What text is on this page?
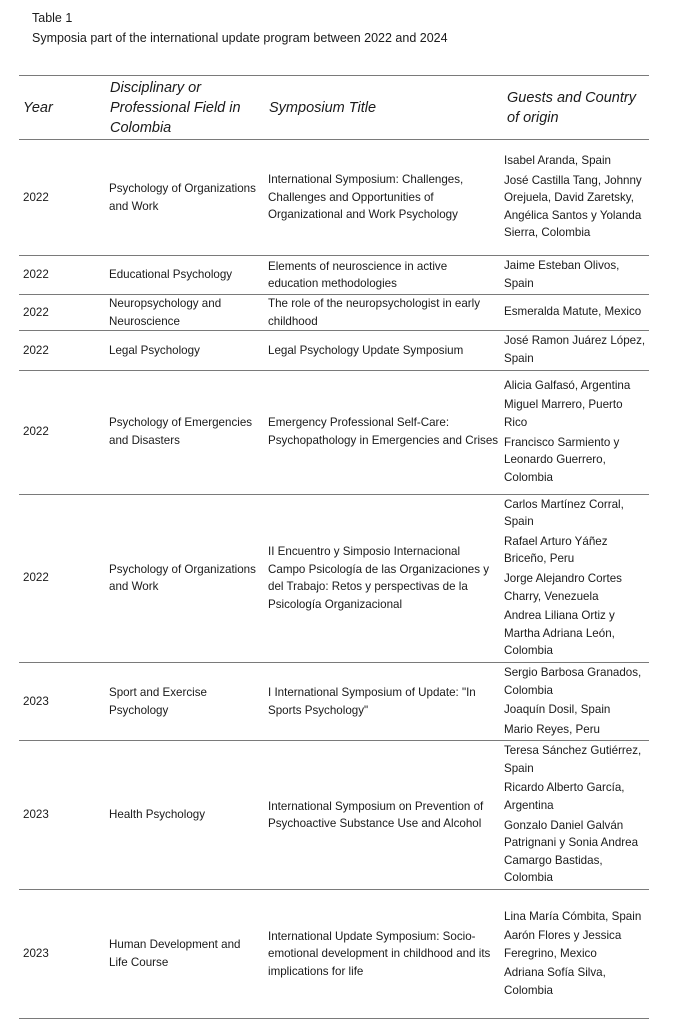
Table 1
Symposia part of the international update program between 2022 and 2024
Year	Disciplinary or Professional Field in Colombia	Symposium Title	Guests and Country of origin
2022	Psychology of Organizations and Work	International Symposium: Challenges, Challenges and Opportunities of Organizational and Work Psychology	Isabel Aranda, Spain
José Castilla Tang, Johnny Orejuela, David Zaretsky, Angélica Santos y Yolanda Sierra, Colombia

2022	Educational Psychology	Elements of neuroscience in active education methodologies	Jaime Esteban Olivos, Spain

2022	Neuropsychology and Neuroscience	The role of the neuropsychologist in early childhood	Esmeralda Matute, Mexico

2022	Legal Psychology	Legal Psychology Update Symposium	José Ramon Juárez López, Spain

2022	Psychology of Emergencies and Disasters	Emergency Professional Self-Care: Psychopathology in Emergencies and Crises	Alicia Galfasó, Argentina
Miguel Marrero, Puerto Rico
Francisco Sarmiento y Leonardo Guerrero, Colombia

2022	Psychology of Organizations and Work	II Encuentro y Simposio Internacional Campo Psicología de las Organizaciones y del Trabajo: Retos y perspectivas de la Psicología Organizacional	Carlos Martínez Corral, Spain
Rafael Arturo Yáñez Briceño, Peru
Jorge Alejandro Cortes Charry, Venezuela
Andrea Liliana Ortiz y Martha Adriana León, Colombia

2023	Sport and Exercise Psychology	I International Symposium of Update: "In Sports Psychology"	Sergio Barbosa Granados, Colombia
Joaquín Dosil, Spain
Mario Reyes, Peru

2023	Health Psychology	International Symposium on Prevention of Psychoactive Substance Use and Alcohol	Teresa Sánchez Gutiérrez, Spain
Ricardo Alberto García, Argentina
Gonzalo Daniel Galván Patrignani y Sonia Andrea Camargo Bastidas, Colombia

2023	Human Development and Life Course	International Update Symposium: Socio-emotional development in childhood and its implications for life	Lina María Cómbita, Spain
Aarón Flores y Jessica Feregrino, Mexico
Adriana Sofía Silva, Colombia
